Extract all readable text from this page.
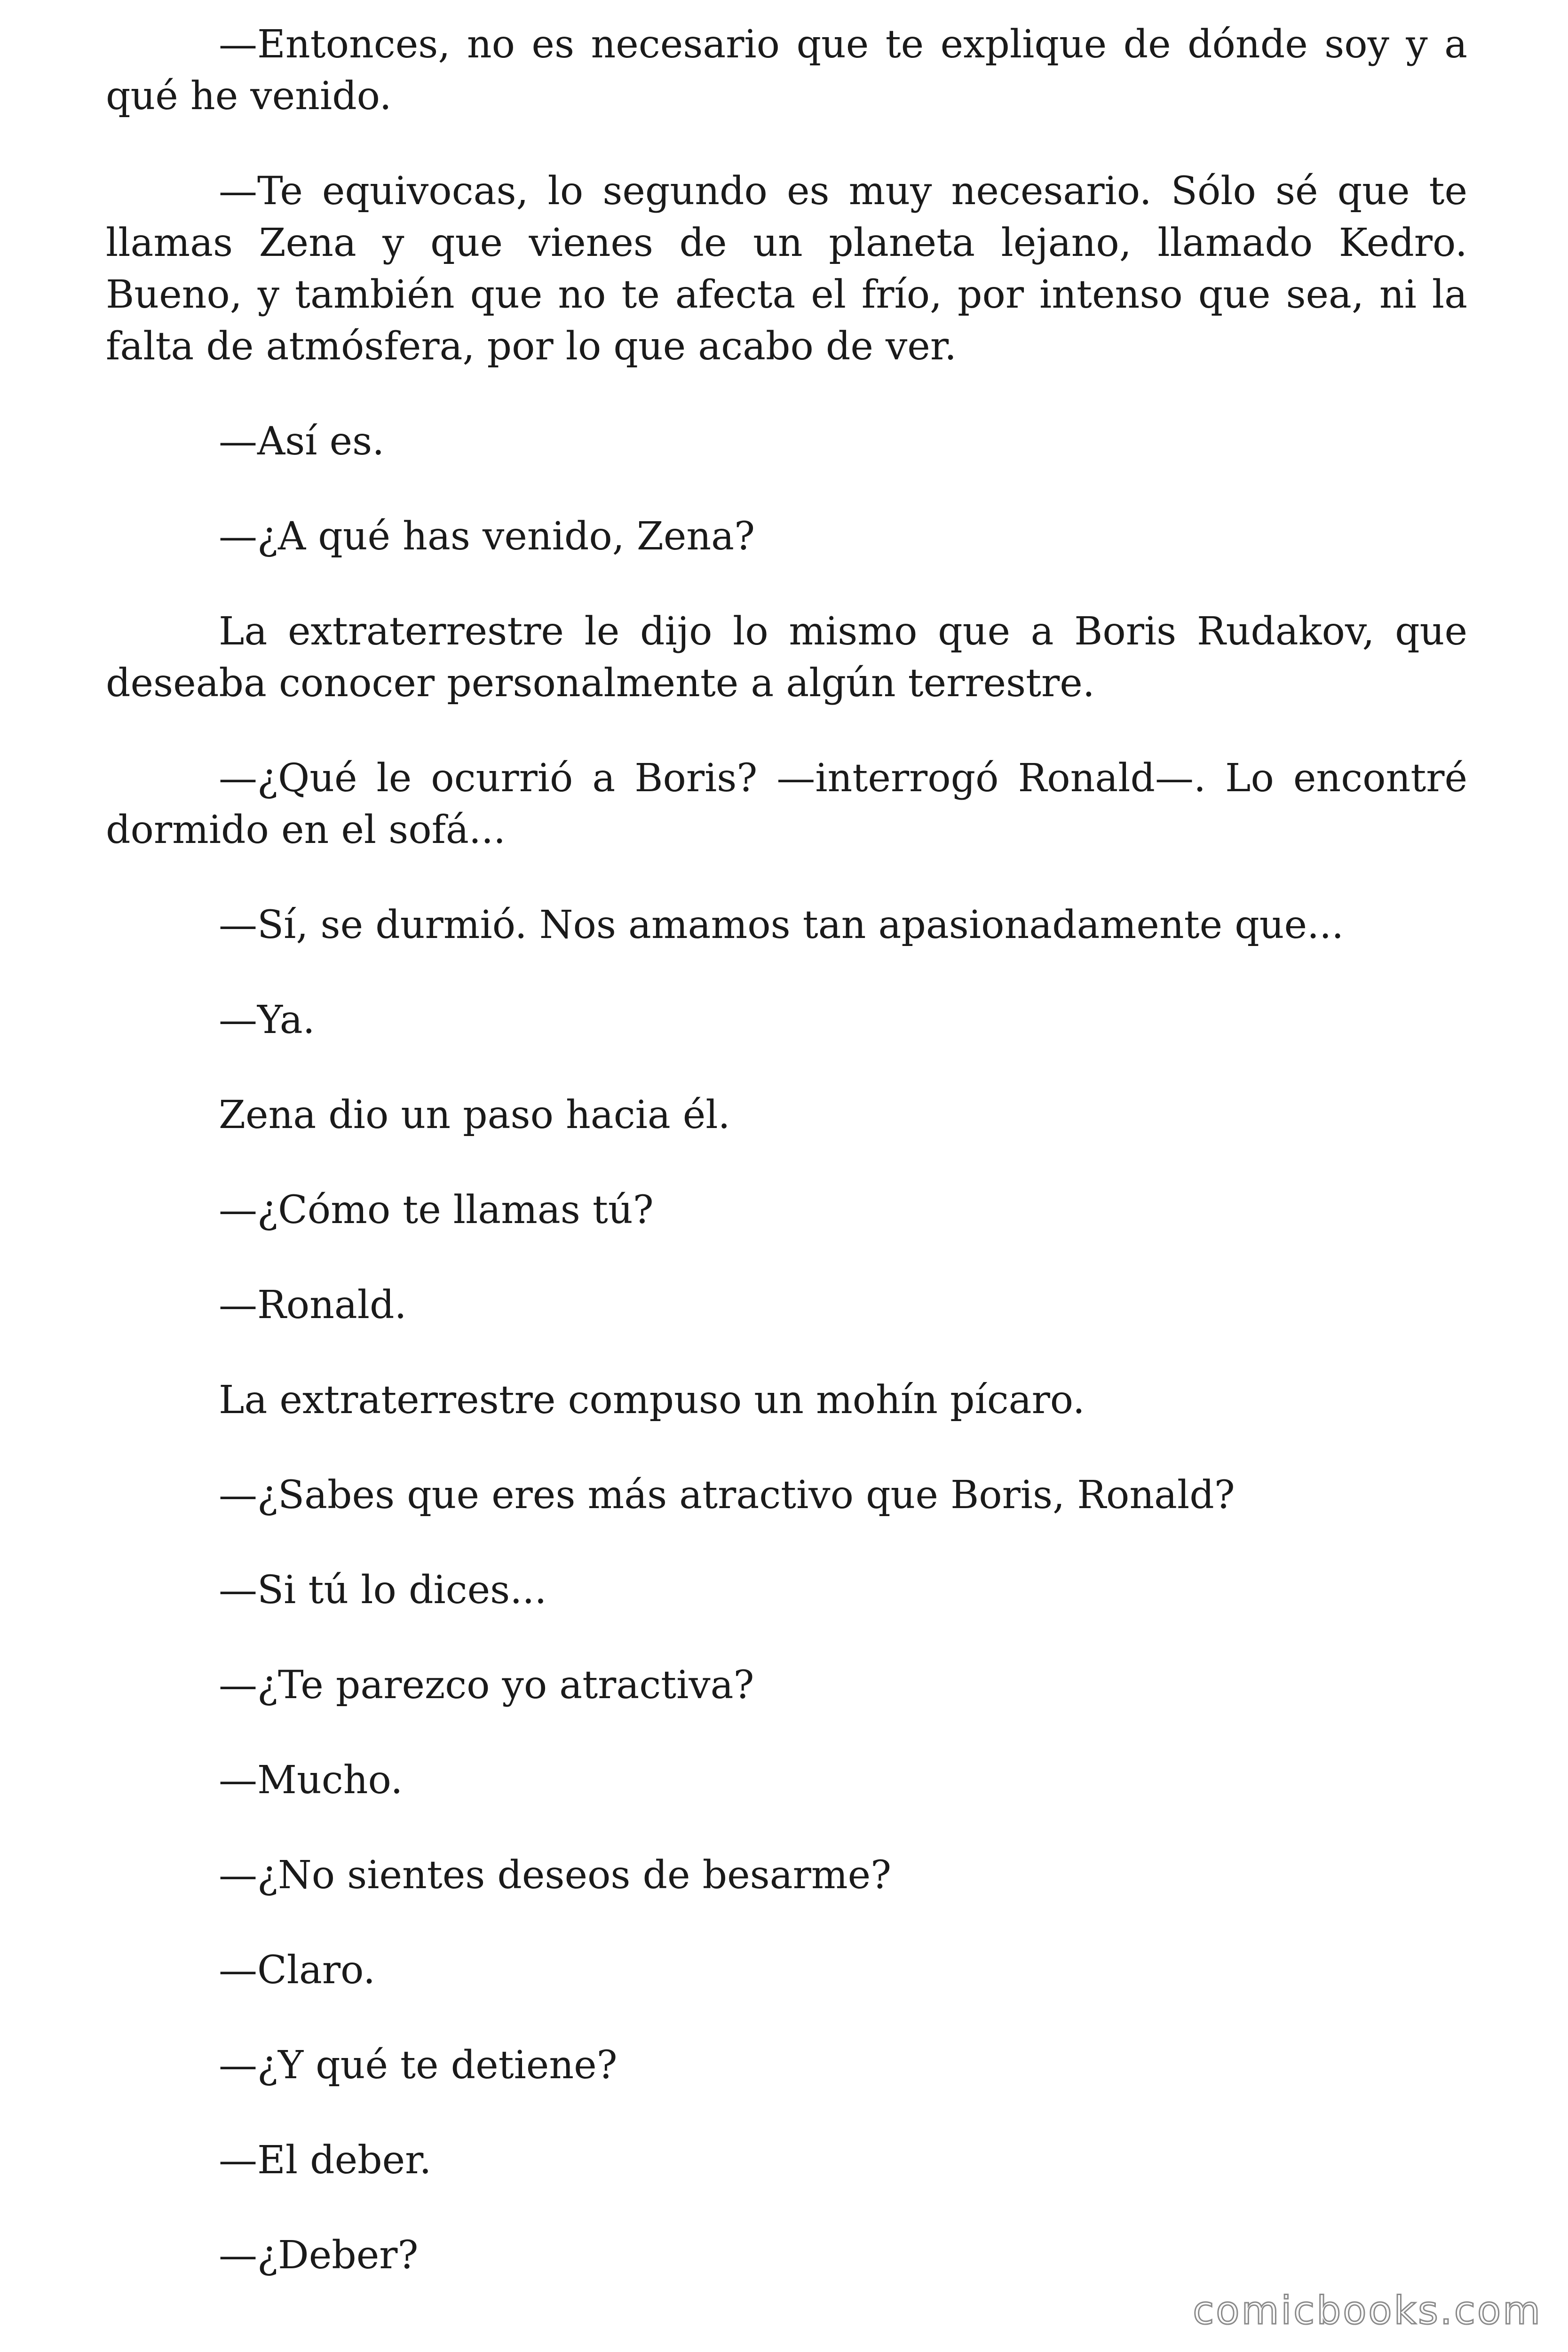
—Entonces, no es necesario que te explique de dónde soy y a qué he venido.

—Te equivocas, lo segundo es muy necesario. Sólo sé que te llamas Zena y que vienes de un planeta lejano, llamado Kedro. Bueno, y también que no te afecta el frío, por intenso que sea, ni la falta de atmósfera, por lo que acabo de ver.

—Así es.

—¿A qué has venido, Zena?

La extraterrestre le dijo lo mismo que a Boris Rudakov, que deseaba conocer personalmente a algún terrestre.

—¿Qué le ocurrió a Boris? —interrogó Ronald—. Lo encontré dormido en el sofá...

—Sí, se durmió. Nos amamos tan apasionadamente que...

—Ya.

Zena dio un paso hacia él.

—¿Cómo te llamas tú?

—Ronald.

La extraterrestre compuso un mohín pícaro.

—¿Sabes que eres más atractivo que Boris, Ronald?

—Si tú lo dices...

—¿Te parezco yo atractiva?

—Mucho.

—¿No sientes deseos de besarme?

—Claro.

—¿Y qué te detiene?

—El deber.

—¿Deber?

comicbooks.com
